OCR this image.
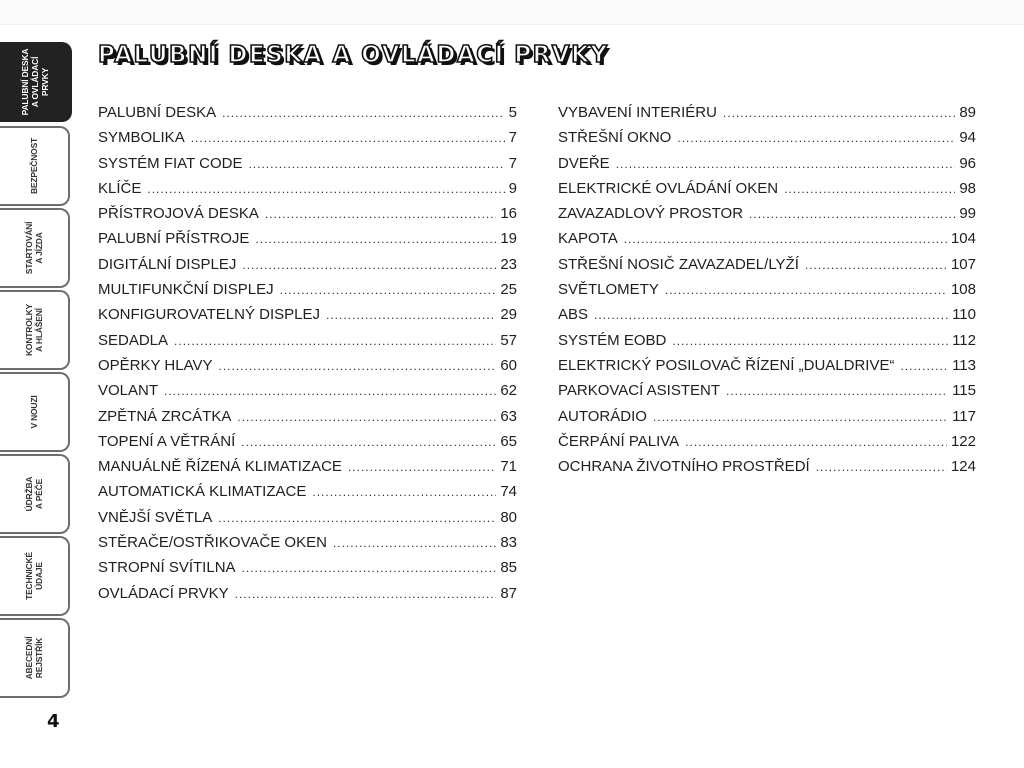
PALUBNÍ DESKA
A OVLÁDACÍ PRVKY
BEZPEČNOST
STARTOVÁNÍ
A JÍZDA
KONTROLKY
A HLÁŠENÍ
V NOUZI
ÚDRŽBA
A PÉČE
TECHNICKÉ ÚDAJE
ABECEDNÍ
REJSTŘÍK
4
PALUBNÍ DESKA A OVLÁDACÍ PRVKY
PALUBNÍ DESKA .....	5
SYMBOLIKA .....	7
SYSTÉM FIAT CODE .....	7
KLÍČE .....	9
PŘÍSTROJOVÁ DESKA .....	16
PALUBNÍ PŘÍSTROJE .....	19
DIGITÁLNÍ DISPLEJ .....	23
MULTIFUNKČNÍ DISPLEJ .....	25
KONFIGUROVATELNÝ DISPLEJ .....	29
SEDADLA .....	57
OPĚRKY HLAVY .....	60
VOLANT .....	62
ZPĚTNÁ ZRCÁTKA .....	63
TOPENÍ A VĚTRÁNÍ .....	65
MANUÁLNĚ ŘÍZENÁ KLIMATIZACE .....	71
AUTOMATICKÁ KLIMATIZACE .....	74
VNĚJŠÍ SVĚTLA .....	80
STĚRAČE/OSTŘIKOVAČE OKEN .....	83
STROPNÍ SVÍTILNA .....	85
OVLÁDACÍ PRVKY .....	87
VYBAVENÍ INTERIÉRU .....	89
STŘEŠNÍ OKNO .....	94
DVEŘE .....	96
ELEKTRICKÉ OVLÁDÁNÍ OKEN .....	98
ZAVAZADLOVÝ PROSTOR .....	99
KAPOTA .....	104
STŘEŠNÍ NOSIČ ZAVAZADEL/LYŽÍ .....	107
SVĚTLOMETY .....	108
ABS .....	110
SYSTÉM EOBD .....	112
ELEKTRICKÝ POSILOVAČ ŘÍZENÍ „DUALDRIVE“ .....	113
PARKOVACÍ ASISTENT .....	115
AUTORÁDIO .....	117
ČERPÁNÍ PALIVA .....	122
OCHRANA ŽIVOTNÍHO PROSTŘEDÍ .....	124
